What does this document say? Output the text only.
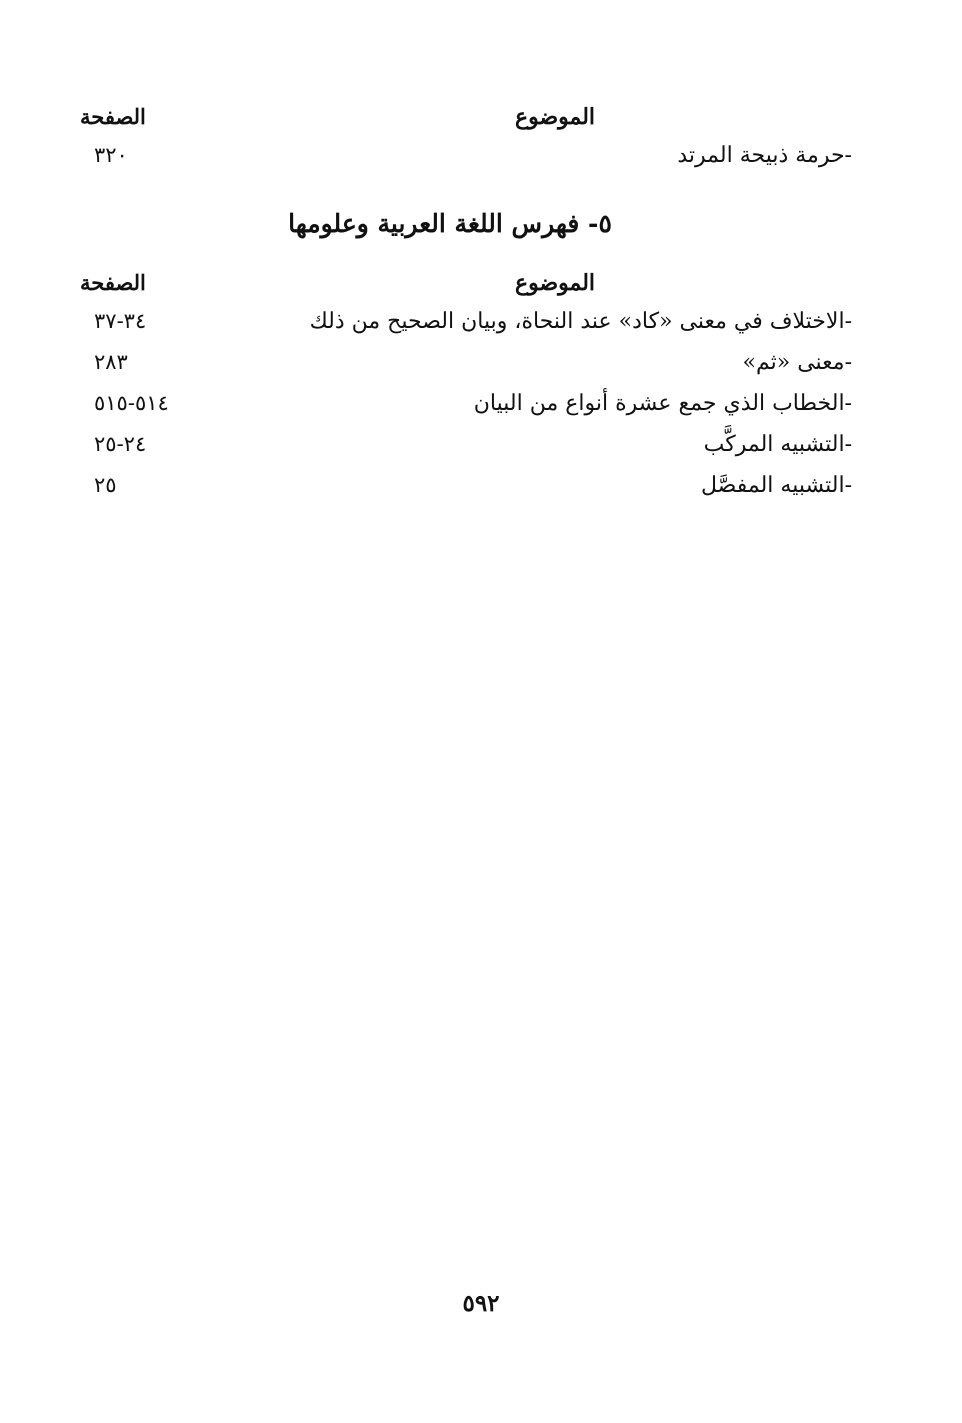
الموضوع
الصفحة
-حرمة ذبيحة المرتد
٣٢٠
٥- فهرس اللغة العربية وعلومها
الموضوع
الصفحة
-الاختلاف في معنى «كاد» عند النحاة، وبيان الصحيح من ذلك
٣٤-٣٧
-معنى «ثم»
٢٨٣
-الخطاب الذي جمع عشرة أنواع من البيان
٥١٤-٥١٥
-التشبيه المركَّب
٢٤-٢٥
-التشبيه المفصَّل
٢٥
٥٩٢
